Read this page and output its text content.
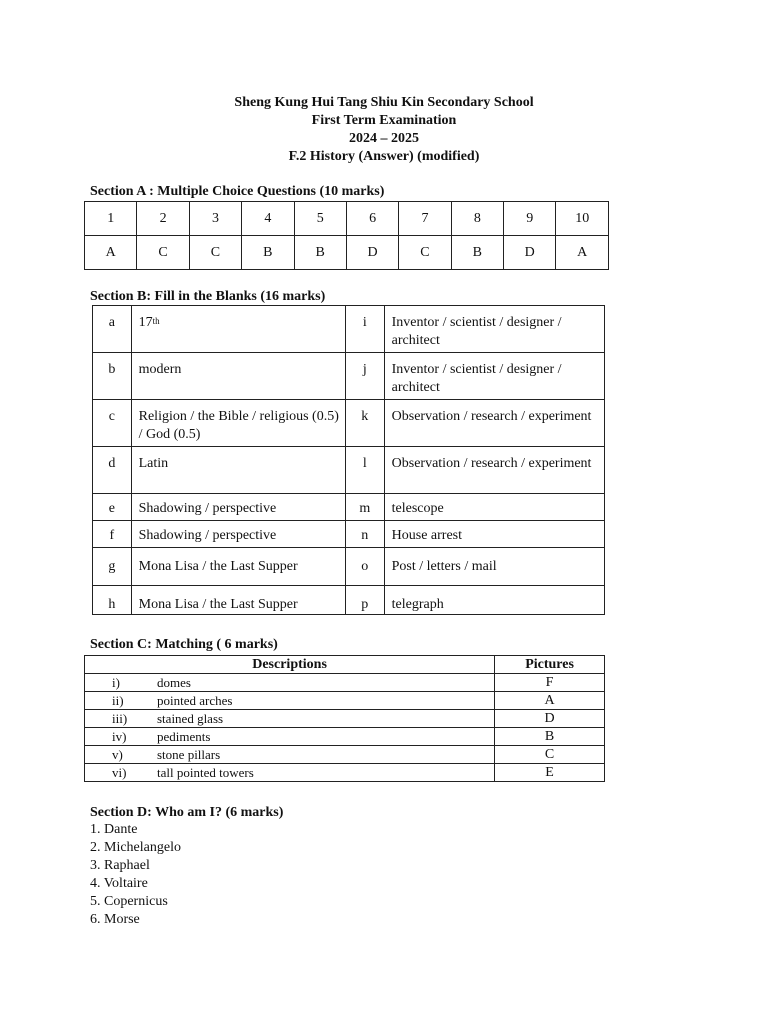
Sheng Kung Hui Tang Shiu Kin Secondary School
First Term Examination
2024 – 2025
F.2 History (Answer) (modified)
Section A : Multiple Choice Questions (10 marks)
1	2	3	4	5	6	7	8	9	10
A	C	C	B	B	D	C	B	D	A
Section B: Fill in the Blanks (16 marks)
a	17th	i	Inventor / scientist / designer / architect
b	modern	j	Inventor / scientist / designer / architect
c	Religion / the Bible / religious (0.5) / God (0.5)	k	Observation / research / experiment
d	Latin	l	Observation / research / experiment
e	Shadowing / perspective	m	telescope
f	Shadowing / perspective	n	House arrest
g	Mona Lisa / the Last Supper	o	Post / letters / mail
h	Mona Lisa / the Last Supper	p	telegraph
Section C: Matching ( 6 marks)
Descriptions	Pictures
i) domes	F
ii) pointed arches	A
iii) stained glass	D
iv) pediments	B
v) stone pillars	C
vi) tall pointed towers	E
Section D: Who am I? (6 marks)
1. Dante
2. Michelangelo
3. Raphael
4. Voltaire
5. Copernicus
6. Morse
